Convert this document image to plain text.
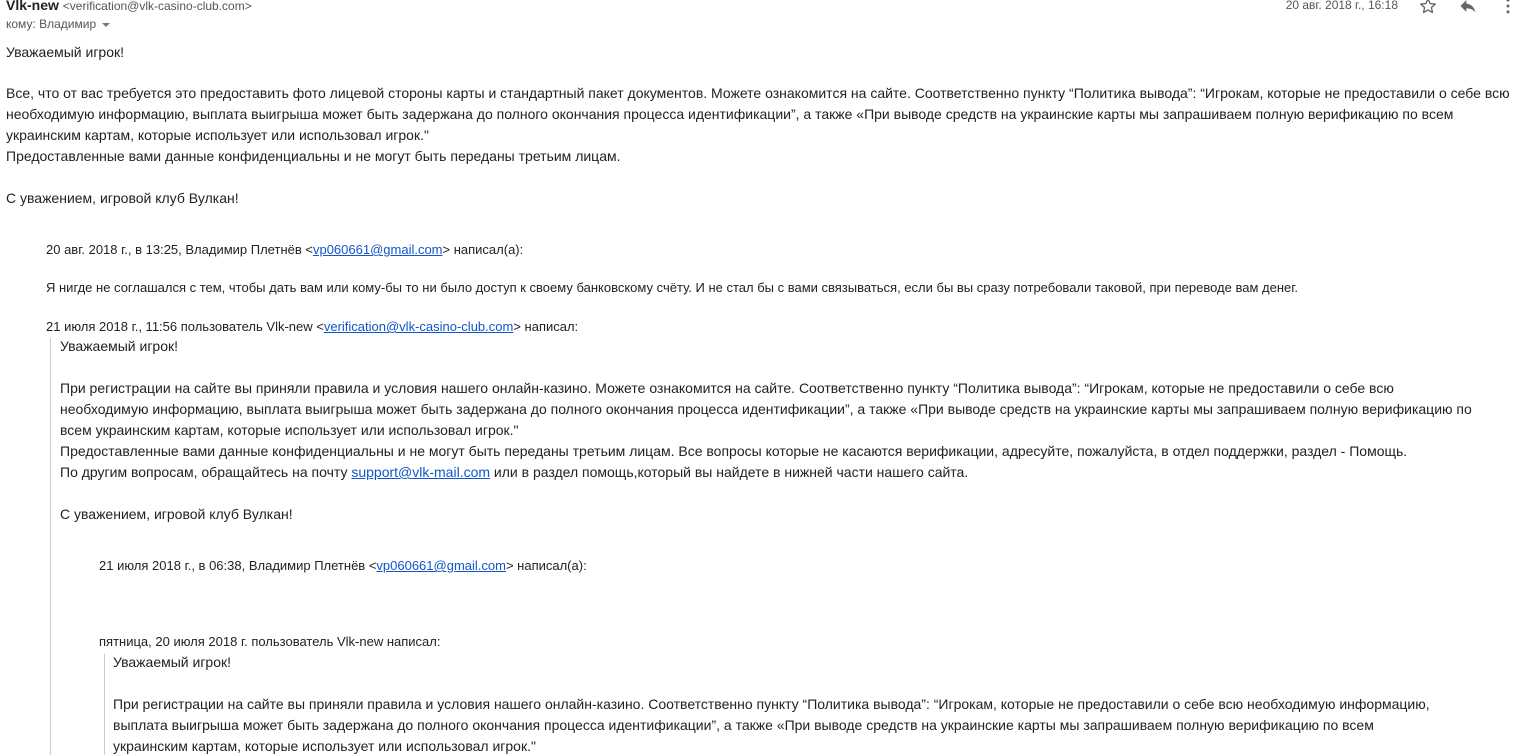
Vlk-new <verification@vlk-casino-club.com>
кому: Владимир
20 авг. 2018 г., 16:18
Уважаемый игрок!
Все, что от вас требуется это предоставить фото лицевой стороны карты и стандартный пакет документов. Можете ознакомится на сайте. Соответственно пункту “Политика вывода”: “Игрокам, которые не предоставили о себе всю
необходимую информацию, выплата выигрыша может быть задержана до полного окончания процесса идентификации”, а также «При выводе средств на украинские карты мы запрашиваем полную верификацию по всем
украинским картам, которые использует или использовал игрок."
Предоставленные вами данные конфиденциальны и не могут быть переданы третьим лицам.
С уважением, игровой клуб Вулкан!
20 авг. 2018 г., в 13:25, Владимир Плетнёв <vp060661@gmail.com> написал(а):
Я нигде не соглашался с тем, чтобы дать вам или кому-бы то ни было доступ к своему банковскому счёту. И не стал бы с вами связываться, если бы вы сразу потребовали таковой, при переводе вам денег.
21 июля 2018 г., 11:56 пользователь Vlk-new <verification@vlk-casino-club.com> написал:
Уважаемый игрок!
При регистрации на сайте вы приняли правила и условия нашего онлайн-казино. Можете ознакомится на сайте. Соответственно пункту “Политика вывода”: “Игрокам, которые не предоставили о себе всю
необходимую информацию, выплата выигрыша может быть задержана до полного окончания процесса идентификации”, а также «При выводе средств на украинские карты мы запрашиваем полную верификацию по
всем украинским картам, которые использует или использовал игрок."
Предоставленные вами данные конфиденциальны и не могут быть переданы третьим лицам. Все вопросы которые не касаются верификации, адресуйте, пожалуйста, в отдел поддержки, раздел - Помощь.
По другим вопросам, обращайтесь на почту support@vlk-mail.com или в раздел помощь,который вы найдете в нижней части нашего сайта.
С уважением, игровой клуб Вулкан!
21 июля 2018 г., в 06:38, Владимир Плетнёв <vp060661@gmail.com> написал(а):
пятница, 20 июля 2018 г. пользователь Vlk-new написал:
Уважаемый игрок!
При регистрации на сайте вы приняли правила и условия нашего онлайн-казино. Соответственно пункту “Политика вывода”: “Игрокам, которые не предоставили о себе всю необходимую информацию,
выплата выигрыша может быть задержана до полного окончания процесса идентификации”, а также «При выводе средств на украинские карты мы запрашиваем полную верификацию по всем
украинским картам, которые использует или использовал игрок."
